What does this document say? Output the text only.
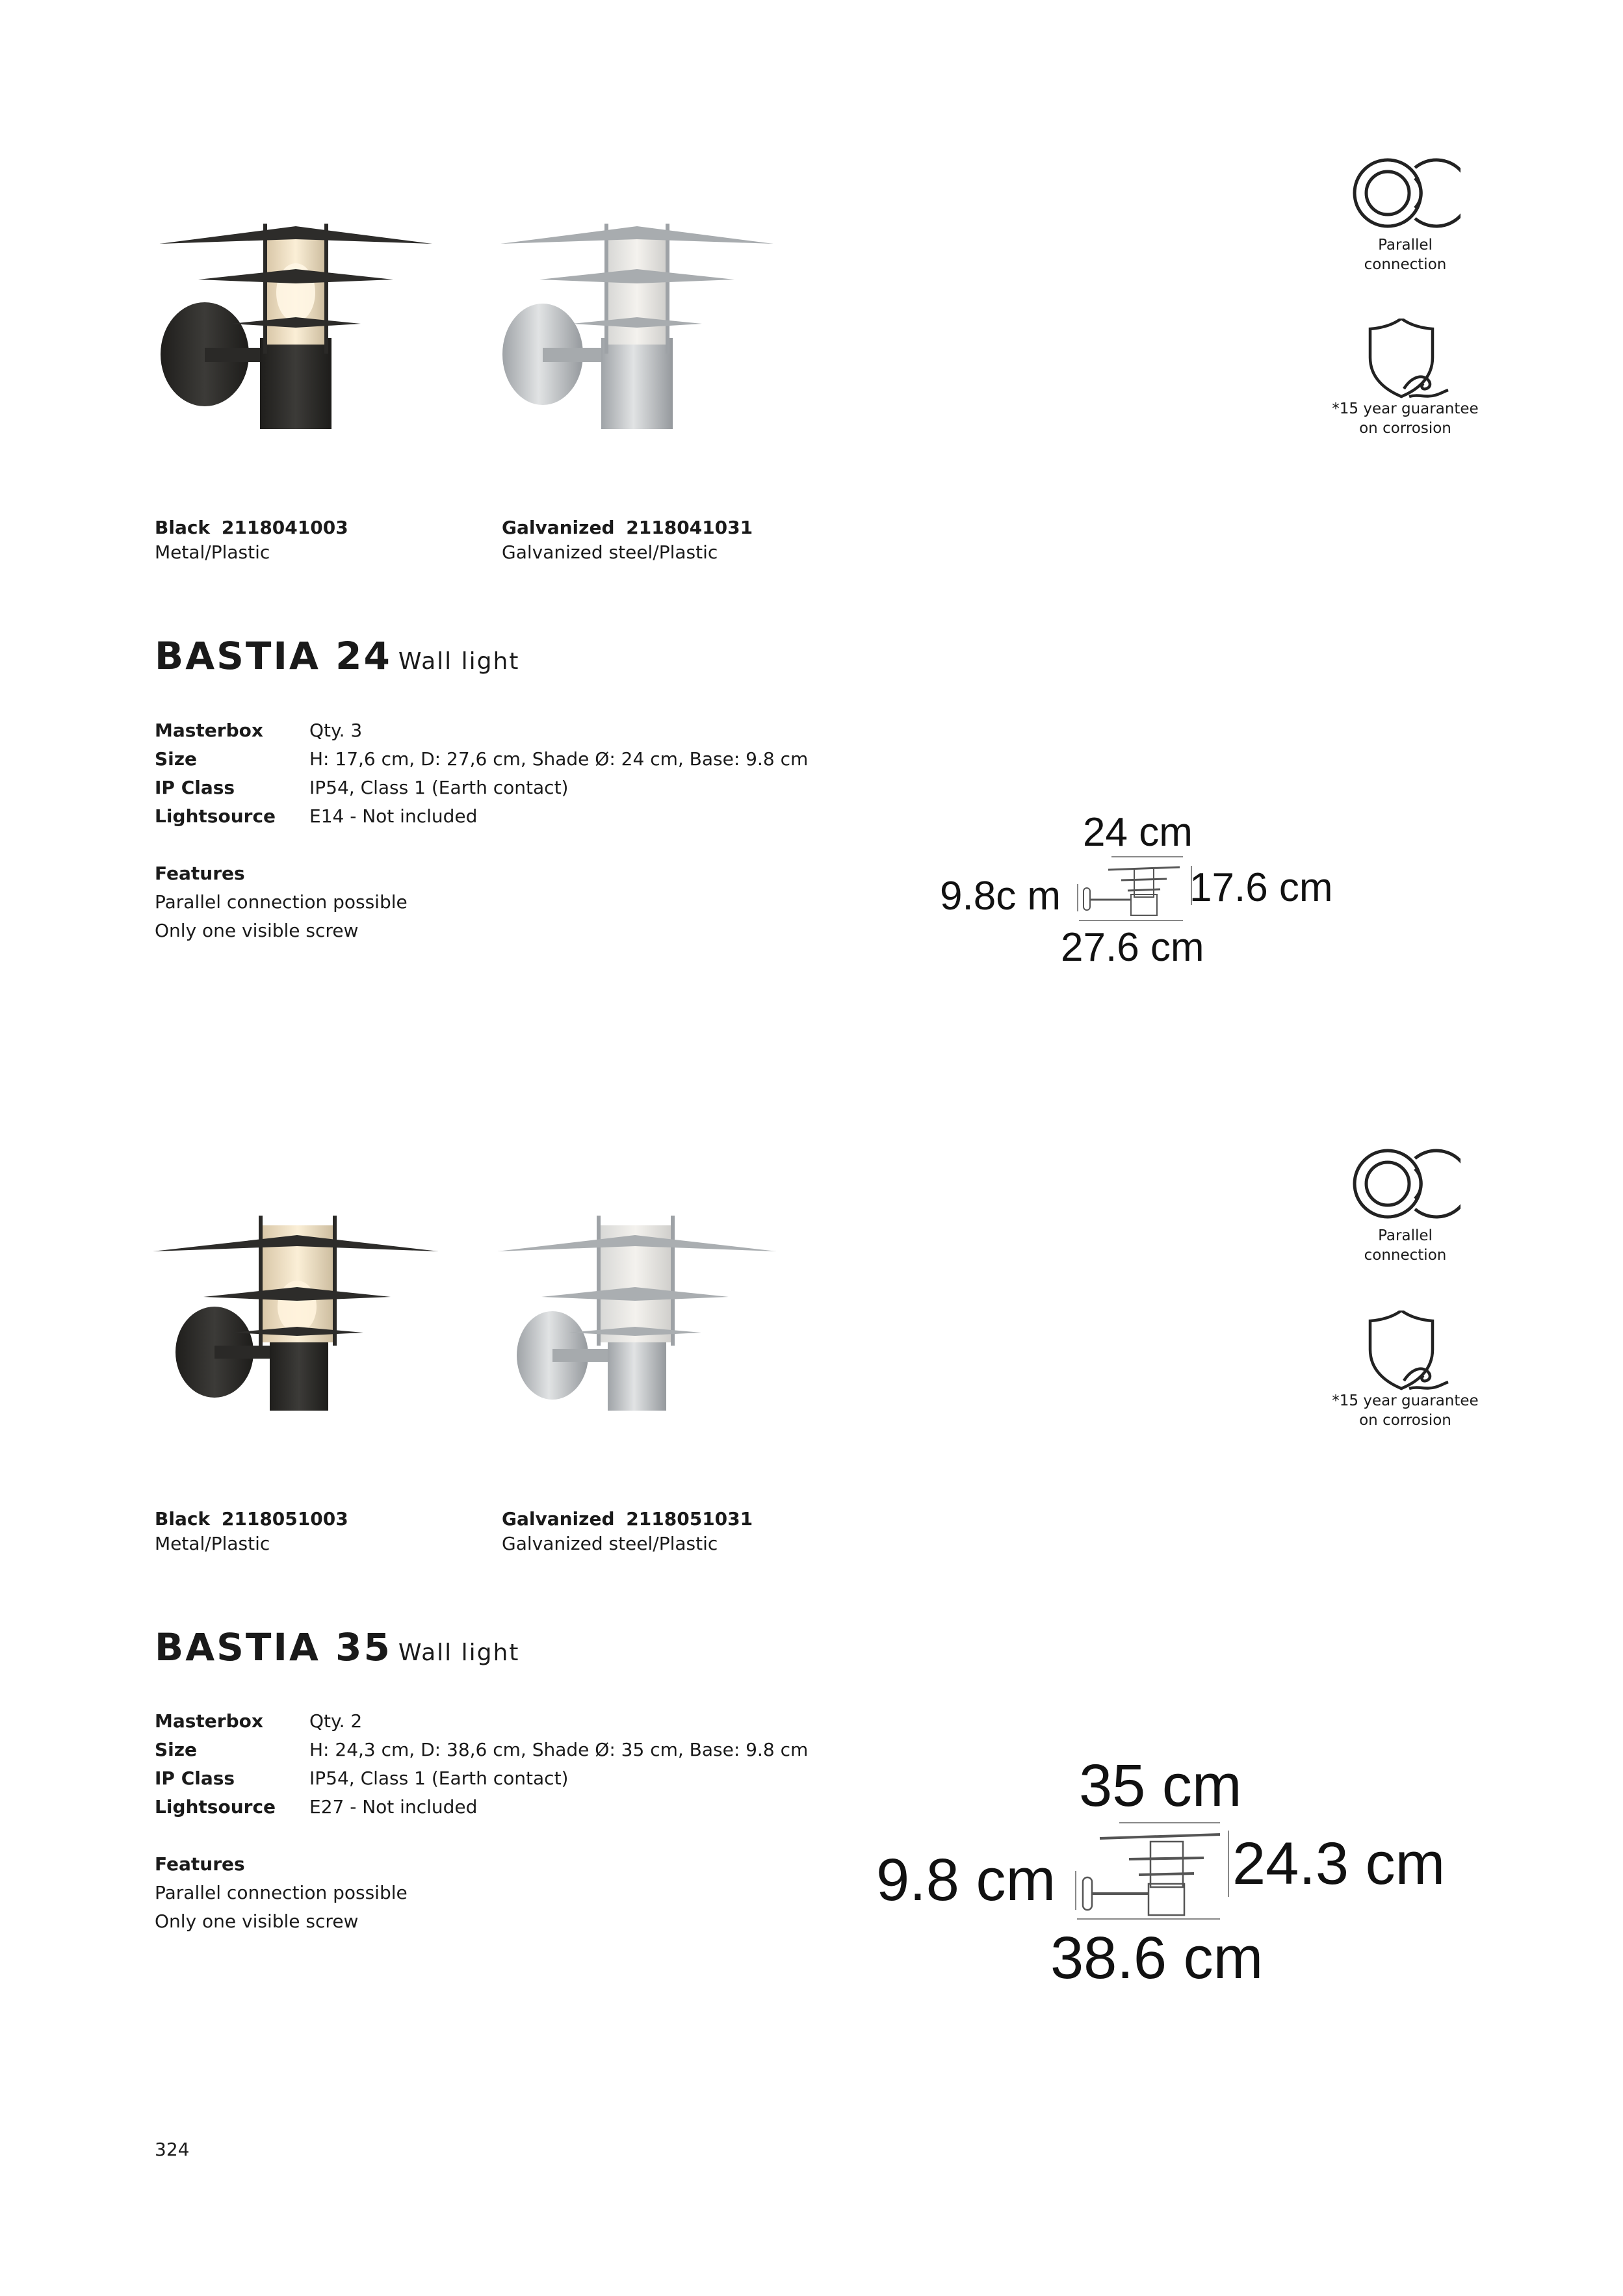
Parallel
connection
*15 year guarantee
on corrosion
Black 2118041003
Metal/Plastic
Galvanized 2118041031
Galvanized steel/Plastic
BASTIA 24 Wall light
Masterbox	Qty. 3
Size	H: 17,6 cm, D: 27,6 cm, Shade Ø: 24 cm, Base: 9.8 cm
IP Class	IP54, Class 1 (Earth contact)
Lightsource E14 - Not included
Features
Parallel connection possible
Only one visible screw
24 cm
9.8c m	17.6 cm
27.6 cm
Parallel
connection
*15 year guarantee
on corrosion
Black 2118051003
Metal/Plastic
Galvanized 2118051031
Galvanized steel/Plastic
BASTIA 35 Wall light
Masterbox	Qty. 2
Size	H: 24,3 cm, D: 38,6 cm, Shade Ø: 35 cm, Base: 9.8 cm
IP Class	IP54, Class 1 (Earth contact)
Lightsource E27 - Not included
Features
Parallel connection possible
Only one visible screw
35 cm
9.8 cm	24.3 cm
38.6 cm
324
